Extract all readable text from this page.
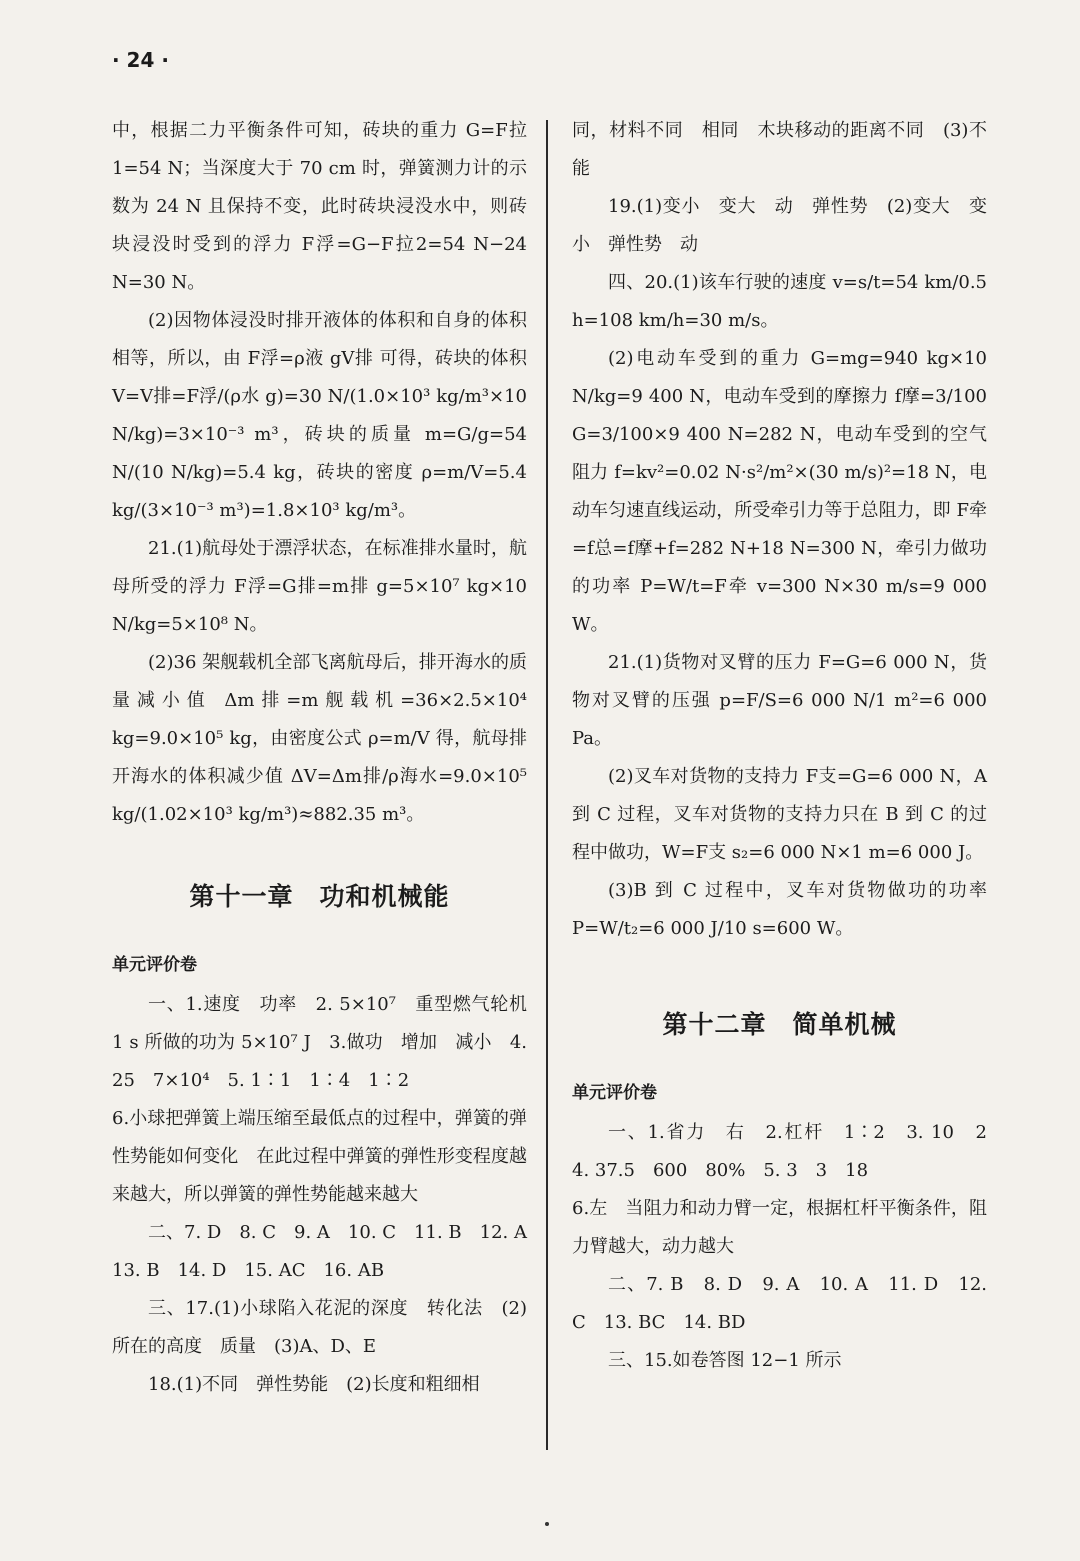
· 24 ·

中，根据二力平衡条件可知，砖块的重力 G=F拉1=54 N；当深度大于 70 cm 时，弹簧测力计的示数为 24 N 且保持不变，此时砖块浸没水中，则砖块浸没时受到的浮力 F浮=G−F拉2=54 N−24 N=30 N。

(2)因物体浸没时排开液体的体积和自身的体积相等，所以，由 F浮=ρ液 gV排 可得，砖块的体积 V=V排=F浮/(ρ水 g)=30 N/(1.0×10³ kg/m³×10 N/kg)=3×10⁻³ m³，砖块的质量 m=G/g=54 N/(10 N/kg)=5.4 kg，砖块的密度 ρ=m/V=5.4 kg/(3×10⁻³ m³)=1.8×10³ kg/m³。

21.(1)航母处于漂浮状态，在标准排水量时，航母所受的浮力 F浮=G排=m排 g=5×10⁷ kg×10 N/kg=5×10⁸ N。

(2)36 架舰载机全部飞离航母后，排开海水的质量减小值 Δm排=m舰载机=36×2.5×10⁴ kg=9.0×10⁵ kg，由密度公式 ρ=m/V 得，航母排开海水的体积减少值 ΔV=Δm排/ρ海水=9.0×10⁵ kg/(1.02×10³ kg/m³)≈882.35 m³。

第十一章　功和机械能
单元评价卷

一、1.速度　功率　2. 5×10⁷　重型燃气轮机 1 s 所做的功为 5×10⁷ J　3.做功　增加　减小　4. 25　7×10⁴　5. 1∶1　1∶4　1∶2

6.小球把弹簧上端压缩至最低点的过程中，弹簧的弹性势能如何变化　在此过程中弹簧的弹性形变程度越来越大，所以弹簧的弹性势能越来越大

二、7. D　8. C　9. A　10. C　11. B　12. A　13. B　14. D　15. AC　16. AB

三、17.(1)小球陷入花泥的深度　转化法　(2)所在的高度　质量　(3)A、D、E

18.(1)不同　弹性势能　(2)长度和粗细相

同，材料不同　相同　木块移动的距离不同　(3)不能

19.(1)变小　变大　动　弹性势　(2)变大　变小　弹性势　动

四、20.(1)该车行驶的速度 v=s/t=54 km/0.5 h=108 km/h=30 m/s。

(2)电动车受到的重力 G=mg=940 kg×10 N/kg=9 400 N，电动车受到的摩擦力 f摩=3/100 G=3/100×9 400 N=282 N，电动车受到的空气阻力 f=kv²=0.02 N·s²/m²×(30 m/s)²=18 N，电动车匀速直线运动，所受牵引力等于总阻力，即 F牵=f总=f摩+f=282 N+18 N=300 N，牵引力做功的功率 P=W/t=F牵 v=300 N×30 m/s=9 000 W。

21.(1)货物对叉臂的压力 F=G=6 000 N，货物对叉臂的压强 p=F/S=6 000 N/1 m²=6 000 Pa。

(2)叉车对货物的支持力 F支=G=6 000 N，A 到 C 过程，叉车对货物的支持力只在 B 到 C 的过程中做功，W=F支 s₂=6 000 N×1 m=6 000 J。

(3)B 到 C 过程中，叉车对货物做功的功率 P=W/t₂=6 000 J/10 s=600 W。

第十二章　简单机械
单元评价卷

一、1.省力　右　2.杠杆　1∶2　3. 10　2　4. 37.5　600　80%　5. 3　3　18

6.左　当阻力和动力臂一定，根据杠杆平衡条件，阻力臂越大，动力越大

二、7. B　8. D　9. A　10. A　11. D　12. C　13. BC　14. BD

三、15.如卷答图 12−1 所示
